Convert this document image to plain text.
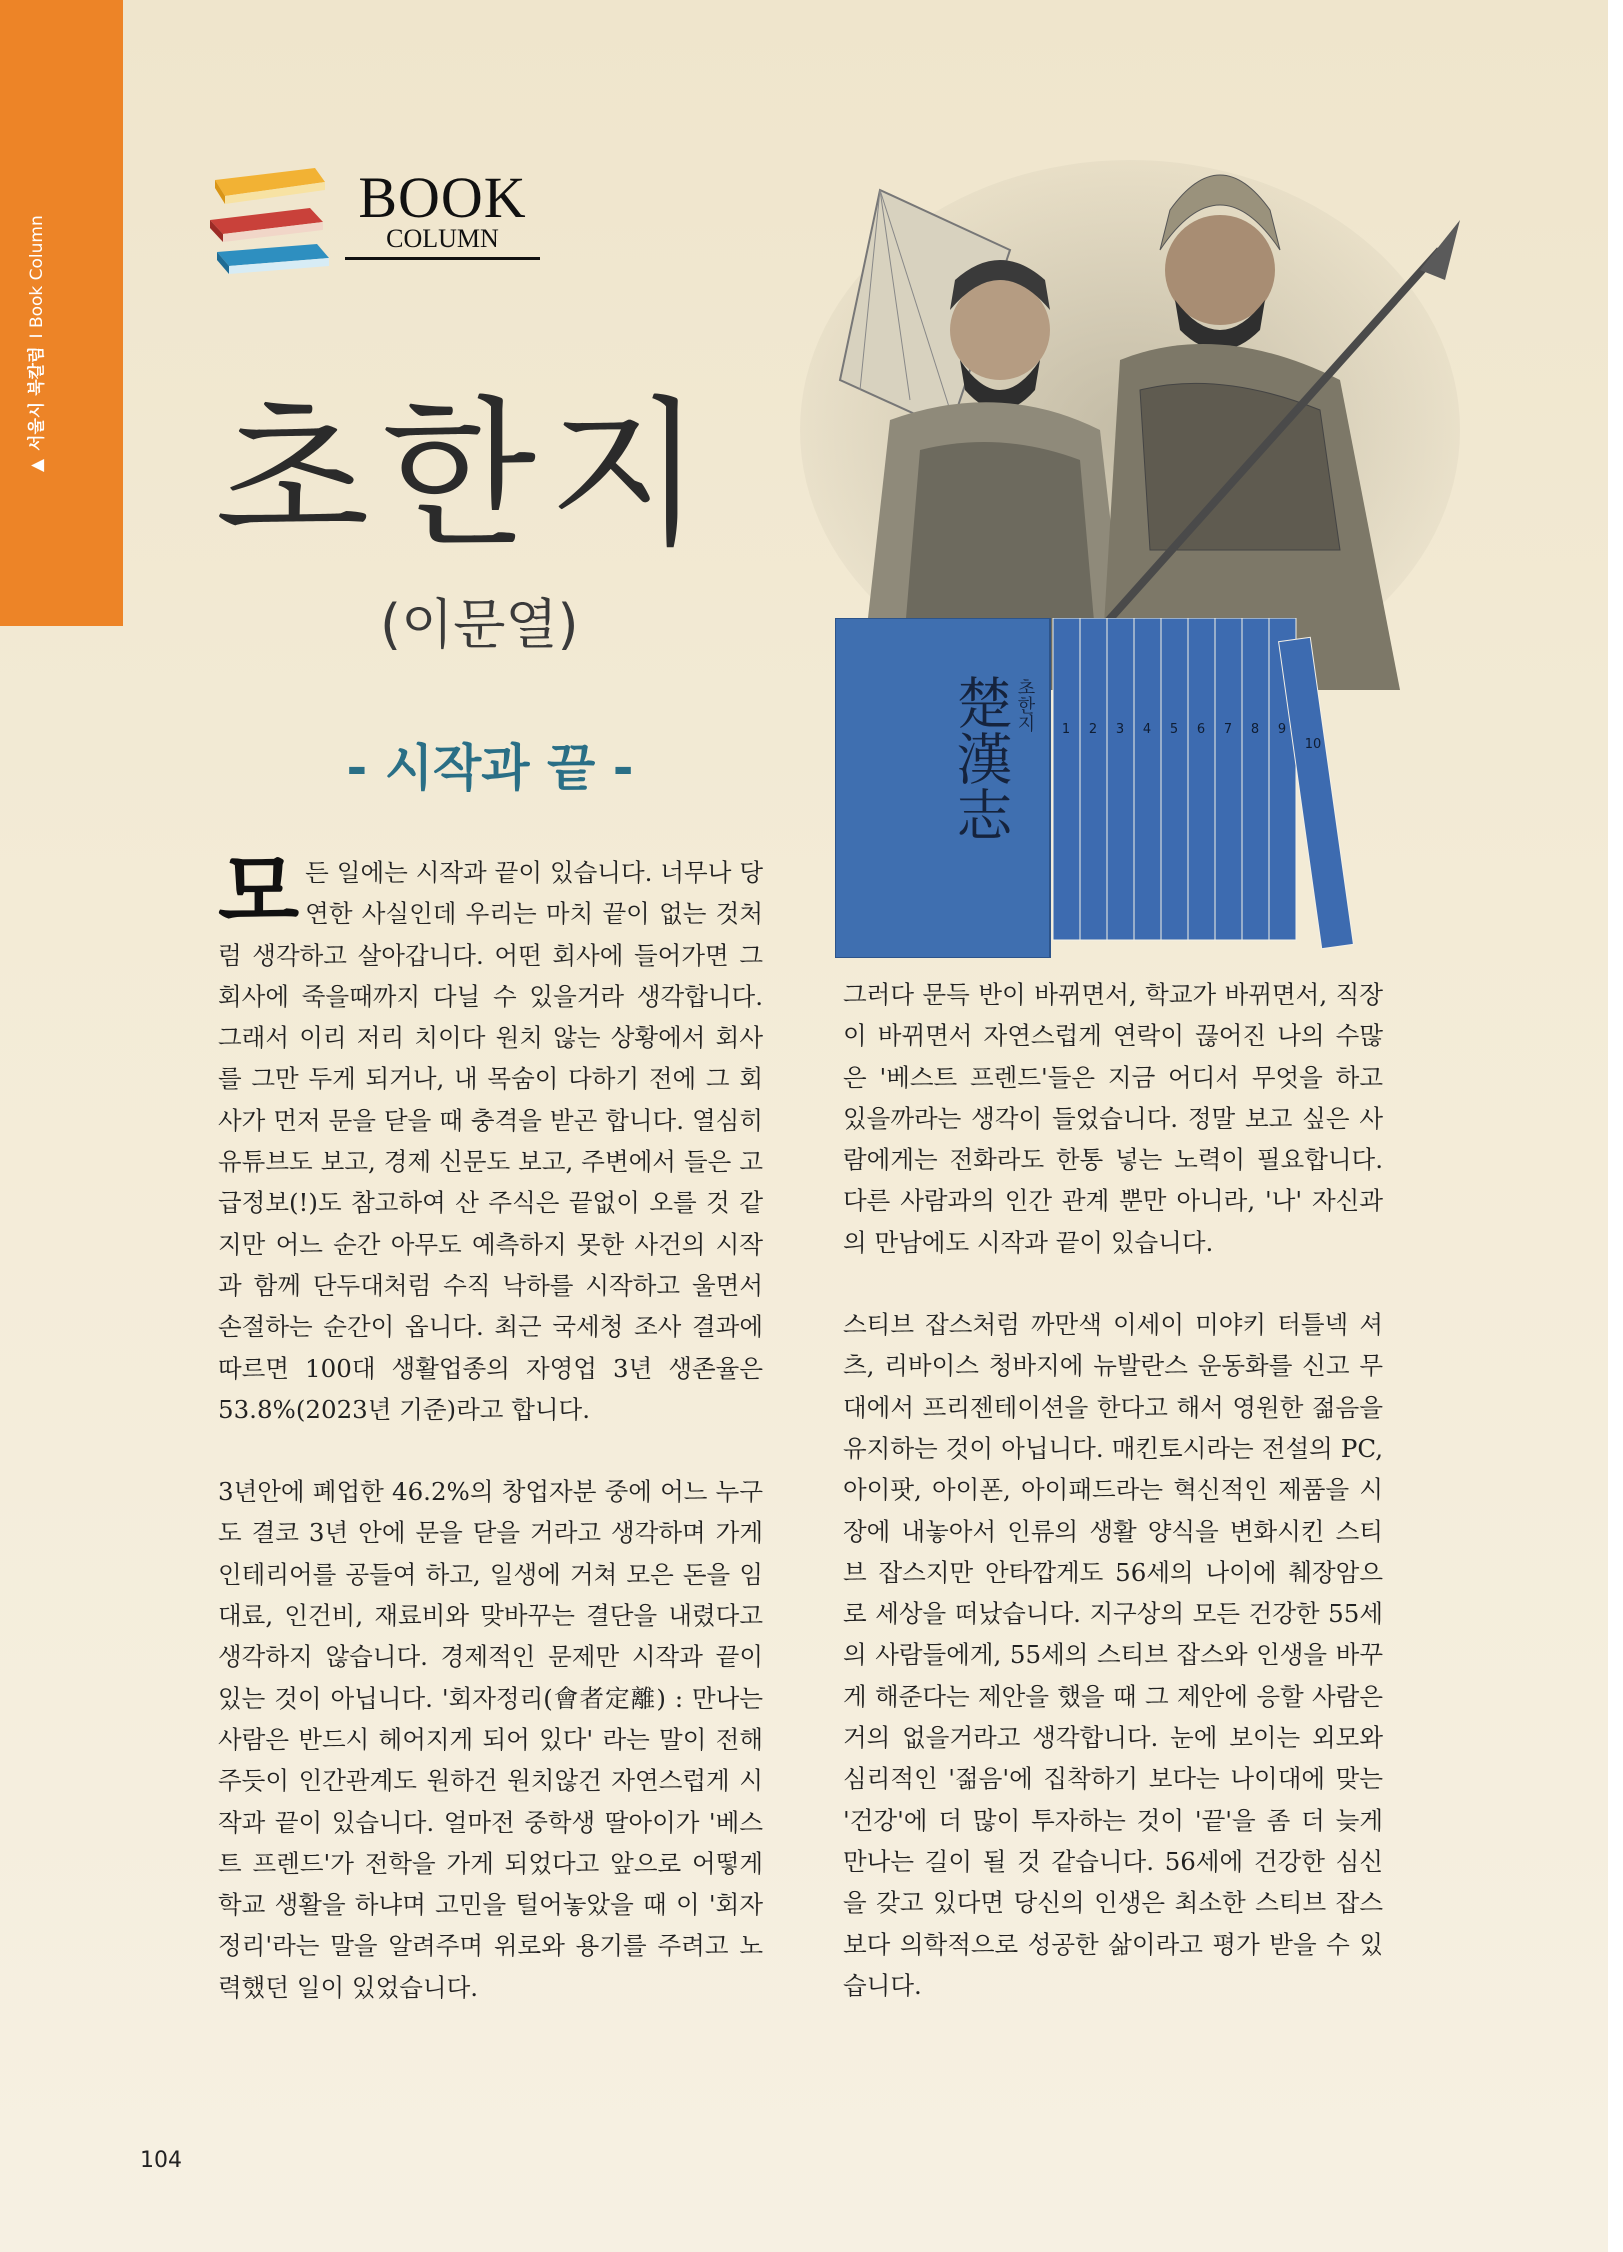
▲
서울시 북칼럼
I Book Column
BOOK
COLUMN
초한지
(이문열)
- 시작과 끝 -	楚漢志 초한지 1 2 3 4 5 6 7 8 9
10

모든 일에는 시작과 끝이 있습니다. 너무나 당연한 사실인데 우리는 마치 끝이 없는 것처럼 생각하고 살아갑니다. 어떤 회사에 들어가면 그 회사에 죽을때까지 다닐 수 있을거라 생각합니다. 그래서 이리 저리 치이다 원치 않는 상황에서 회사를 그만 두게 되거나, 내 목숨이 다하기 전에 그 회사가 먼저 문을 닫을 때 충격을 받곤 합니다. 열심히 유튜브도 보고, 경제 신문도 보고, 주변에서 들은 고급정보(!)도 참고하여 산 주식은 끝없이 오를 것 같지만 어느 순간 아무도 예측하지 못한 사건의 시작과 함께 단두대처럼 수직 낙하를 시작하고 울면서 손절하는 순간이 옵니다. 최근 국세청 조사 결과에 따르면 100대 생활업종의 자영업 3년 생존율은 53.8%(2023년 기준)라고 합니다.

3년안에 폐업한 46.2%의 창업자분 중에 어느 누구도 결코 3년 안에 문을 닫을 거라고 생각하며 가게 인테리어를 공들여 하고, 일생에 거쳐 모은 돈을 임대료, 인건비, 재료비와 맞바꾸는 결단을 내렸다고 생각하지 않습니다. 경제적인 문제만 시작과 끝이 있는 것이 아닙니다. '회자정리(會者定離) : 만나는 사람은 반드시 헤어지게 되어 있다' 라는 말이 전해주듯이 인간관계도 원하건 원치않건 자연스럽게 시작과 끝이 있습니다. 얼마전 중학생 딸아이가 '베스트 프렌드'가 전학을 가게 되었다고 앞으로 어떻게 학교 생활을 하냐며 고민을 털어놓았을 때 이 '회자정리'라는 말을 알려주며 위로와 용기를 주려고 노력했던 일이 있었습니다.

그러다 문득 반이 바뀌면서, 학교가 바뀌면서, 직장이 바뀌면서 자연스럽게 연락이 끊어진 나의 수많은 '베스트 프렌드'들은 지금 어디서 무엇을 하고 있을까라는 생각이 들었습니다. 정말 보고 싶은 사람에게는 전화라도 한통 넣는 노력이 필요합니다. 다른 사람과의 인간 관계 뿐만 아니라, '나' 자신과의 만남에도 시작과 끝이 있습니다.

스티브 잡스처럼 까만색 이세이 미야키 터틀넥 셔츠, 리바이스 청바지에 뉴발란스 운동화를 신고 무대에서 프리젠테이션을 한다고 해서 영원한 젊음을 유지하는 것이 아닙니다. 매킨토시라는 전설의 PC, 아이팟, 아이폰, 아이패드라는 혁신적인 제품을 시장에 내놓아서 인류의 생활 양식을 변화시킨 스티브 잡스지만 안타깝게도 56세의 나이에 췌장암으로 세상을 떠났습니다. 지구상의 모든 건강한 55세의 사람들에게, 55세의 스티브 잡스와 인생을 바꾸게 해준다는 제안을 했을 때 그 제안에 응할 사람은 거의 없을거라고 생각합니다. 눈에 보이는 외모와 심리적인 '젊음'에 집착하기 보다는 나이대에 맞는 '건강'에 더 많이 투자하는 것이 '끝'을 좀 더 늦게 만나는 길이 될 것 같습니다. 56세에 건강한 심신을 갖고 있다면 당신의 인생은 최소한 스티브 잡스 보다 의학적으로 성공한 삶이라고 평가 받을 수 있습니다.

104
